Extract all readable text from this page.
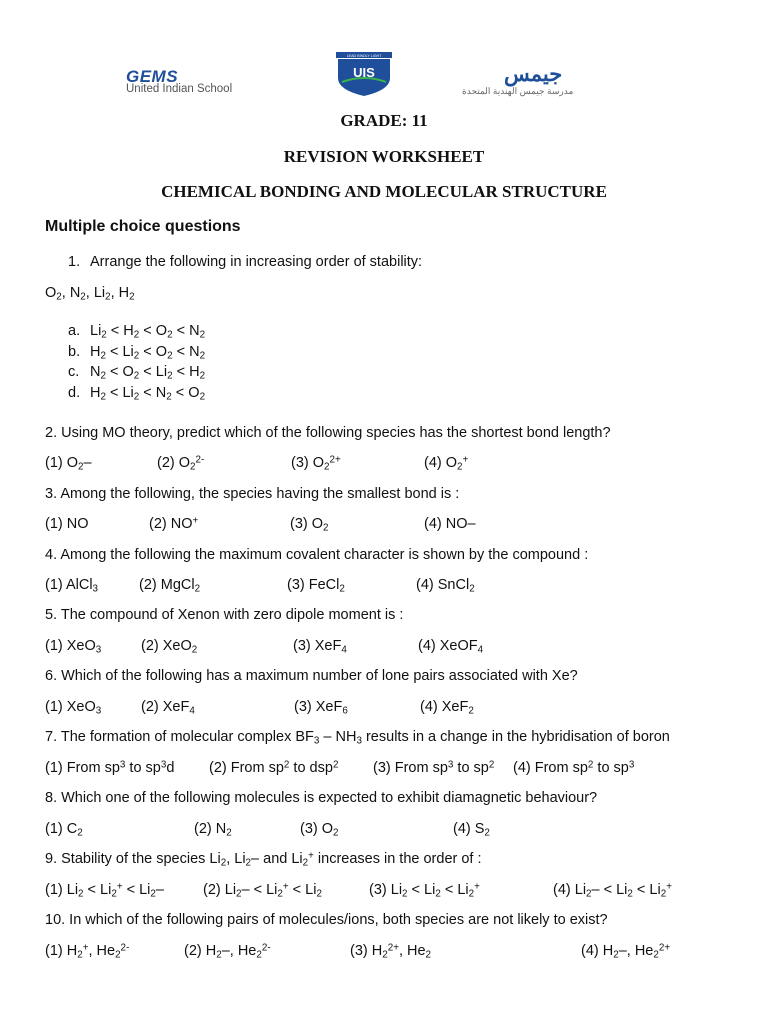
GEMS
United Indian School
LEAD KINDLY LIGHT
UIS	جيمس
مدرسة جيمس الهندية المتحدة
GRADE: 11
REVISION WORKSHEET
CHEMICAL BONDING AND MOLECULAR STRUCTURE
Multiple choice questions
1. Arrange the following in increasing order of stability:
$O_2$, $N_2$, $Li_2$, $H_2$
a. $Li_2 < H_2 < O_2 < N_2$
b. $H_2 < Li_2 < O_2 < N_2$
c. $N_2 < O_2 < Li_2 < H_2$
d. $H_2 < Li_2 < N_2 < O_2$
2. Using MO theory, predict which of the following species has the shortest bond length?
(1) $O_2-$	(2) $O_2^{2-}$	(3) $O_2^{2+}$	(4) $O_2^+$
3. Among the following, the species having the smallest bond is :
(1) NO	(2) NO+	(3) $O_2$	(4) NO–
4. Among the following the maximum covalent character is shown by the compound :
(1) AlCl$_3$	(2) MgCl$_2$	(3) FeCl$_2$	(4) SnCl$_2$
5. The compound of Xenon with zero dipole moment is :
(1) XeO$_3$	(2) XeO$_2$	(3) XeF$_4$	(4) XeOF$_4$
6. Which of the following has a maximum number of lone pairs associated with Xe?
(1) XeO$_3$	(2) XeF$_4$	(3) XeF$_6$	(4) XeF$_2$
7. The formation of molecular complex $BF_3 - NH_3$ results in a change in the hybridisation of boron
(1) From $sp^3$ to $sp^3d$ (2) From $sp^2$ to dsp$^2$ (3) From $sp^3$ to $sp^2$ (4) From $sp^2$ to $sp^3$
8. Which one of the following molecules is expected to exhibit diamagnetic behaviour?
(1) $C_2$	(2) $N_2$	(3) $O_2$	(4) $S_2$
9. Stability of the species $Li_2$, $Li_2-$ and $Li_2^+$ increases in the order of :
(1) $Li_2 < Li_2^+ < Li_2-$	(2) $Li_2- < Li_2^+ < Li_2$	(3) $Li_2 < Li_2 < Li_2^+$	(4) $Li_2- < Li_2 < Li_2^+$
10. In which of the following pairs of molecules/ions, both species are not likely to exist?
(1) $H_2^+$, $He_2^{2-}$	(2) $H_2-$, $He_2^{2-}$	(3) $H_2^{2+}$, $He_2$	(4) $H_2-$, $He_2^{2+}$
